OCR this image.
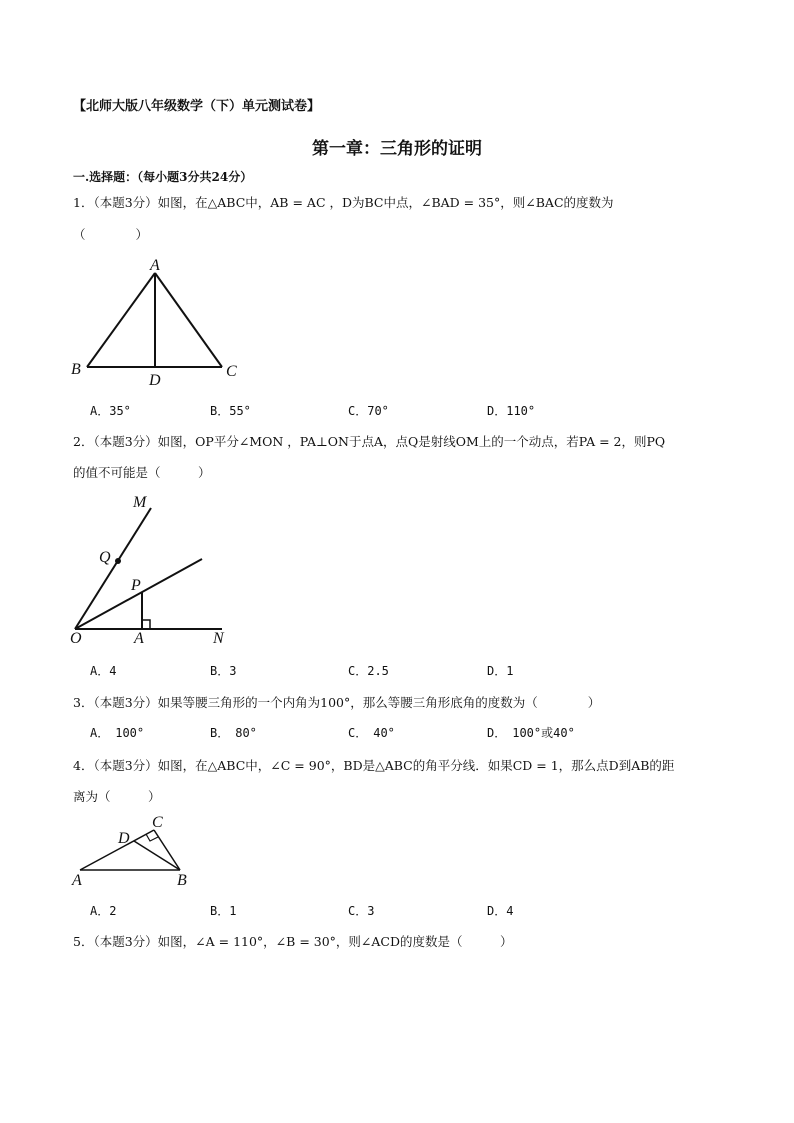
【北师大版八年级数学（下）单元测试卷】
第一章：三角形的证明
一.选择题：（每小题3分共24分）
1．（本题3分）如图，在△ABC中，AB = AC ，D为BC中点，∠BAD = 35°，则∠BAC的度数为
（　　　　）
A
B	C
D
A．35°	B．55°	C．70°	D．110°
2．（本题3分）如图，OP平分∠MON ，PA⊥ON于点A，点Q是射线OM上的一个动点，若PA = 2，则PQ
的值不可能是（　　　）
M
Q
P
O	A	N
A．4	B．3	C．2.5	D．1
3．（本题3分）如果等腰三角形的一个内角为100°，那么等腰三角形底角的度数为（　　　　）
A．　100°	B．　80°	C．　40°	D．　100°或40°
4．（本题3分）如图，在△ABC中，∠C = 90°，BD是△ABC的角平分线．如果CD = 1，那么点D到AB的距
离为（　　　）
C
D
A	B
A．2	B．1	C．3	D．4
5．（本题3分）如图，∠A = 110°，∠B = 30°，则∠ACD的度数是（　　　）
